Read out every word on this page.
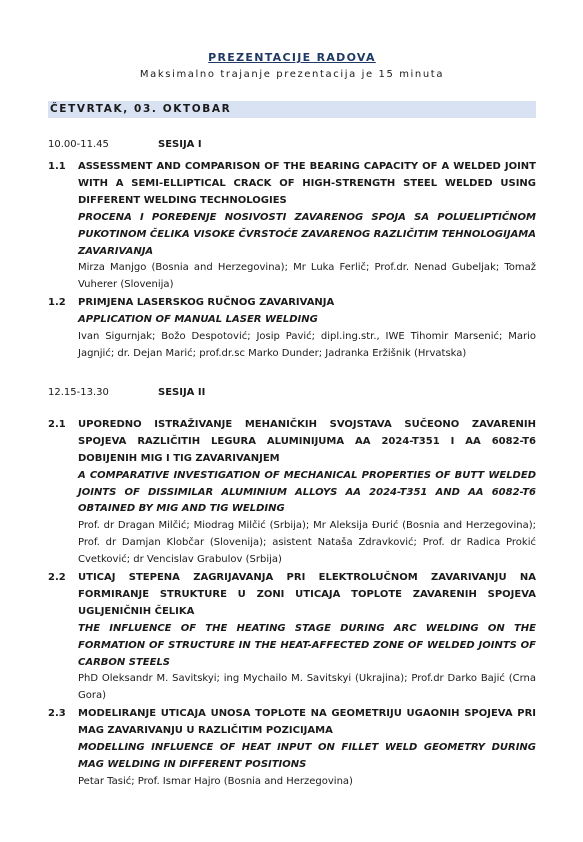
PREZENTACIJE RADOVA
Maksimalno trajanje prezentacija je 15 minuta
ČETVRTAK, 03. OKTOBAR
10.00-11.45	SESIJA I
1.1	ASSESSMENT AND COMPARISON OF THE BEARING CAPACITY OF A WELDED JOINT WITH A SEMI-ELLIPTICAL CRACK OF HIGH-STRENGTH STEEL WELDED USING DIFFERENT WELDING TECHNOLOGIES
PROCENA I POREĐENJE NOSIVOSTI ZAVARENOG SPOJA SA POLUELIPTIČNOM PUKOTINOM ČELIKA VISOKE ČVRSTOĆE ZAVARENOG RAZLIČITIM TEHNOLOGIJAMA ZAVARIVANJA
Mirza Manjgo (Bosnia and Herzegovina); Mr Luka Ferlič; Prof.dr. Nenad Gubeljak; Tomaž Vuherer (Slovenija)
1.2	PRIMJENA LASERSKOG RUČNOG ZAVARIVANJA
APPLICATION OF MANUAL LASER WELDING
Ivan Sigurnjak; Božo Despotović; Josip Pavić; dipl.ing.str., IWE Tihomir Marsenić; Mario Jagnjić; dr. Dejan Marić; prof.dr.sc Marko Dunder; Jadranka Eržišnik (Hrvatska)
12.15-13.30	SESIJA II
2.1	UPOREDNO ISTRAŽIVANJE MEHANIČKIH SVOJSTAVA SUČEONO ZAVARENIH SPOJEVA RAZLIČITIH LEGURA ALUMINIJUMA AA 2024-T351 I AA 6082-T6 DOBIJENIH MIG I TIG ZAVARIVANJEM
A COMPARATIVE INVESTIGATION OF MECHANICAL PROPERTIES OF BUTT WELDED JOINTS OF DISSIMILAR ALUMINIUM ALLOYS AA 2024-T351 AND AA 6082-T6 OBTAINED BY MIG AND TIG WELDING
Prof. dr Dragan Milčić; Miodrag Milčić (Srbija); Mr Aleksija Đurić (Bosnia and Herzegovina); Prof. dr Damjan Klobčar (Slovenija); asistent Nataša Zdravković; Prof. dr Radica Prokić Cvetković; dr Vencislav Grabulov (Srbija)
2.2	UTICAJ STEPENA ZAGRIJAVANJA PRI ELEKTROLUČNOM ZAVARIVANJU NA FORMIRANJE STRUKTURE U ZONI UTICAJA TOPLOTE ZAVARENIH SPOJEVA UGLJENIČNIH ČELIKA
THE INFLUENCE OF THE HEATING STAGE DURING ARC WELDING ON THE FORMATION OF STRUCTURE IN THE HEAT-AFFECTED ZONE OF WELDED JOINTS OF CARBON STEELS
PhD Oleksandr M. Savitskyi; ing Mychailo M. Savitskyi (Ukrajina); Prof.dr Darko Bajić (Crna Gora)
2.3	MODELIRANJE UTICAJA UNOSA TOPLOTE NA GEOMETRIJU UGAONIH SPOJEVA PRI MAG ZAVARIVANJU U RAZLIČITIM POZICIJAMA
MODELLING INFLUENCE OF HEAT INPUT ON FILLET WELD GEOMETRY DURING MAG WELDING IN DIFFERENT POSITIONS
Petar Tasić; Prof. Ismar Hajro (Bosnia and Herzegovina)
